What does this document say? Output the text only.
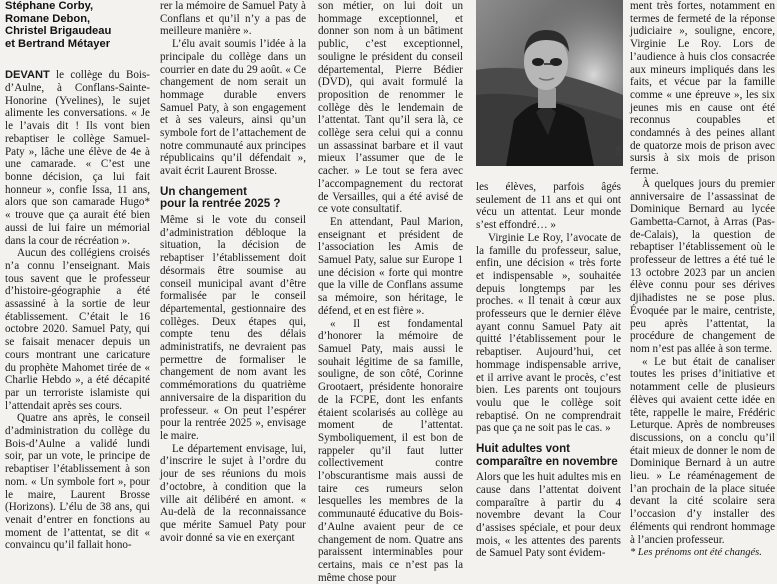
Stéphane Corby,
Romane Debon,
Christel Brigaudeau
et Bertrand Métayer

DEVANT le collège du Bois-d’Aulne, à Conflans-Sainte-Honorine (Yvelines), le sujet alimente les conversations. « Je le l’avais dit ! Ils vont bien rebaptiser le collège Samuel-Paty », lâche une élève de 4e à une camarade. « C’est une bonne décision, ça lui fait honneur », confie Issa, 11 ans, alors que son camarade Hugo* « trouve que ça aurait été bien aussi de lui faire un mémorial dans la cour de récréation ».

Aucun des collégiens croisés n’a connu l’enseignant. Mais tous savent que le professeur d’histoire-géographie a été assassiné à la sortie de leur établissement. C’était le 16 octobre 2020. Samuel Paty, qui se faisait menacer depuis un cours montrant une caricature du prophète Mahomet tirée de « Charlie Hebdo », a été décapité par un terroriste islamiste qui l’attendait après ses cours.

Quatre ans après, le conseil d’administration du collège du Bois-d’Aulne a validé lundi soir, par un vote, le principe de rebaptiser l’établissement à son nom. « Un symbole fort », pour le maire, Laurent Brosse (Horizons). L’élu de 38 ans, qui venait d’entrer en fonctions au moment de l’attentat, se dit « convaincu qu’il fallait hono-

rer la mémoire de Samuel Paty à Conflans et qu’il n’y a pas de meilleure manière ».

L’élu avait soumis l’idée à la principale du collège dans un courrier en date du 29 août. « Ce changement de nom serait un hommage durable envers Samuel Paty, à son engagement et à ses valeurs, ainsi qu’un symbole fort de l’attachement de notre communauté aux principes républicains qu’il défendait », avait écrit Laurent Brosse.

Un changement
pour la rentrée 2025 ?

Même si le vote du conseil d’administration débloque la situation, la décision de rebaptiser l’établissement doit désormais être soumise au conseil municipal avant d’être formalisée par le conseil départemental, gestionnaire des collèges. Deux étapes qui, compte tenu des délais administratifs, ne devraient pas permettre de formaliser le changement de nom avant les commémorations du quatrième anniversaire de la disparition du professeur. « On peut l’espérer pour la rentrée 2025 », envisage le maire.

Le département envisage, lui, d’inscrire le sujet à l’ordre du jour de ses réunions du mois d’octobre, à condition que la ville ait délibéré en amont. « Au-delà de la reconnaissance que mérite Samuel Paty pour avoir donné sa vie en exerçant

son métier, on lui doit un hommage exceptionnel, et donner son nom à un bâtiment public, c’est exceptionnel, souligne le président du conseil départemental, Pierre Bédier (DVD), qui avait formulé la proposition de renommer le collège dès le lendemain de l’attentat. Tant qu’il sera là, ce collège sera celui qui a connu un assassinat barbare et il vaut mieux l’assumer que de le cacher. » Le tout se fera avec l’accompagnement du rectorat de Versailles, qui a été avisé de ce vote consultatif.

En attendant, Paul Marion, enseignant et président de l’association les Amis de Samuel Paty, salue sur Europe 1 une décision « forte qui montre que la ville de Conflans assume sa mémoire, son héritage, le défend, et en est fière ».

« Il est fondamental d’honorer la mémoire de Samuel Paty, mais aussi le souhait légitime de sa famille, souligne, de son côté, Corinne Grootaert, présidente honoraire de la FCPE, dont les enfants étaient scolarisés au collège au moment de l’attentat. Symboliquement, il est bon de rappeler qu’il faut lutter collectivement contre l’obscurantisme mais aussi de taire ces rumeurs selon lesquelles les membres de la communauté éducative du Bois-d’Aulne avaient peur de ce changement de nom. Quatre ans paraissent interminables pour certains, mais ce n’est pas la même chose pour

DR

les élèves, parfois âgés seulement de 11 ans et qui ont vécu un attentat. Leur monde s’est effondré… »

Virginie Le Roy, l’avocate de la famille du professeur, salue, enfin, une décision « très forte et indispensable », souhaitée depuis longtemps par les proches. « Il tenait à cœur aux professeurs que le dernier élève ayant connu Samuel Paty ait quitté l’établissement pour le rebaptiser. Aujourd’hui, cet hommage indispensable arrive, et il arrive avant le procès, c’est bien. Les parents ont toujours voulu que le collège soit rebaptisé. On ne comprendrait pas que ça ne soit pas le cas. »

Huit adultes vont
comparaître en novembre

Alors que les huit adultes mis en cause dans l’attentat doivent comparaître à partir du 4 novembre devant la Cour d’assises spéciale, et pour deux mois, « les attentes des parents de Samuel Paty sont évidem-

ment très fortes, notamment en termes de fermeté de la réponse judiciaire », souligne, encore, Virginie Le Roy. Lors de l’audience à huis clos consacrée aux mineurs impliqués dans les faits, et vécue par la famille comme « une épreuve », les six jeunes mis en cause ont été reconnus coupables et condamnés à des peines allant de quatorze mois de prison avec sursis à six mois de prison ferme.

À quelques jours du premier anniversaire de l’assassinat de Dominique Bernard au lycée Gambetta-Carnot, à Arras (Pas-de-Calais), la question de rebaptiser l’établissement où le professeur de lettres a été tué le 13 octobre 2023 par un ancien élève connu pour ses dérives djihadistes ne se pose plus. Évoquée par le maire, centriste, peu après l’attentat, la procédure de changement de nom n’est pas allée à son terme.

« Le but était de canaliser toutes les prises d’initiative et notamment celle de plusieurs élèves qui avaient cette idée en tête, rappelle le maire, Frédéric Leturque. Après de nombreuses discussions, on a conclu qu’il était mieux de donner le nom de Dominique Bernard à un autre lieu. » Le réaménagement de l’an prochain de la place située devant la cité scolaire sera l’occasion d’y installer des éléments qui rendront hommage à l’ancien professeur.

* Les prénoms ont été changés.
